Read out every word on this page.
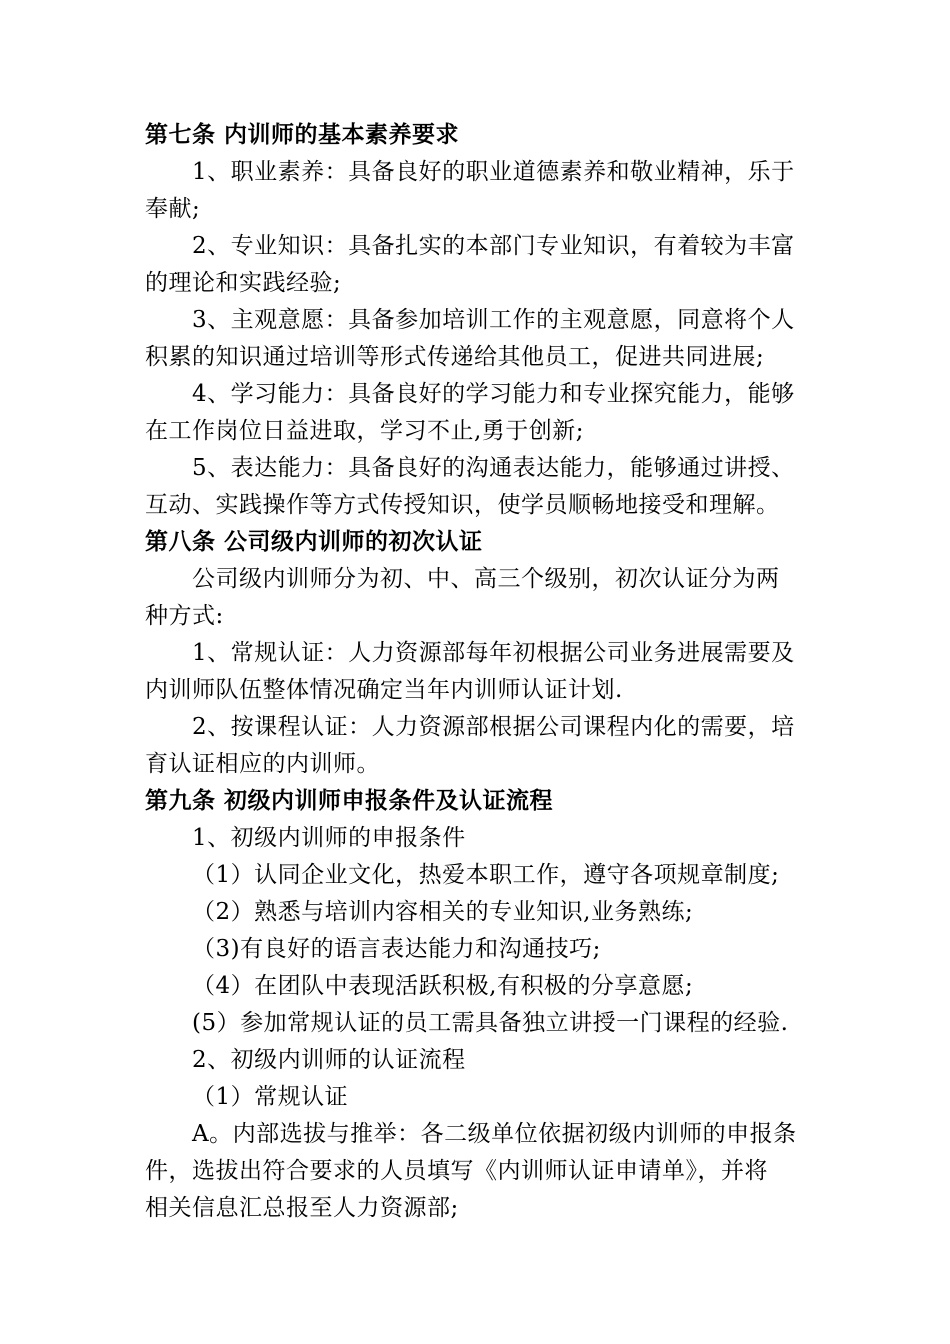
第七条 内训师的基本素养要求
1、职业素养：具备良好的职业道德素养和敬业精神，乐于
奉献;
2、专业知识：具备扎实的本部门专业知识，有着较为丰富
的理论和实践经验;
3、主观意愿：具备参加培训工作的主观意愿，同意将个人
积累的知识通过培训等形式传递给其他员工，促进共同进展;
4、学习能力：具备良好的学习能力和专业探究能力，能够
在工作岗位日益进取，学习不止,勇于创新;
5、表达能力：具备良好的沟通表达能力，能够通过讲授、
互动、实践操作等方式传授知识，使学员顺畅地接受和理解。
第八条 公司级内训师的初次认证
公司级内训师分为初、中、高三个级别，初次认证分为两
种方式:
1、常规认证：人力资源部每年初根据公司业务进展需要及
内训师队伍整体情况确定当年内训师认证计划.
2、按课程认证：人力资源部根据公司课程内化的需要，培
育认证相应的内训师。
第九条 初级内训师申报条件及认证流程
1、初级内训师的申报条件
（1）认同企业文化，热爱本职工作，遵守各项规章制度;
（2）熟悉与培训内容相关的专业知识,业务熟练;
（3)有良好的语言表达能力和沟通技巧;
（4）在团队中表现活跃积极,有积极的分享意愿;
(5）参加常规认证的员工需具备独立讲授一门课程的经验.
2、初级内训师的认证流程
（1）常规认证
A。内部选拔与推举：各二级单位依据初级内训师的申报条
件，选拔出符合要求的人员填写《内训师认证申请单》，并将
相关信息汇总报至人力资源部;
